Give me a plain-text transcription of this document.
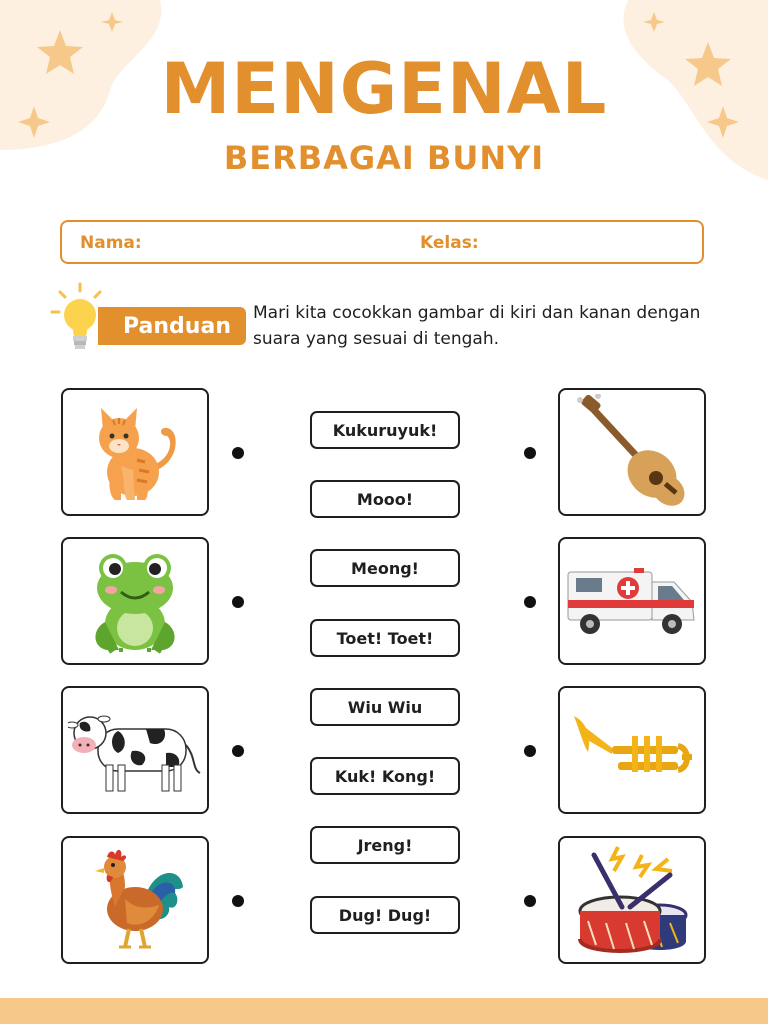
MENGENAL
BERBAGAI BUNYI
Nama:	Kelas:
Panduan
Mari kita cocokkan gambar di kiri dan kanan dengan suara yang sesuai di tengah.
Kukuruyuk!
Mooo!
Meong!
Toet! Toet!
Wiu Wiu
Kuk! Kong!
Jreng!
Dug! Dug!
